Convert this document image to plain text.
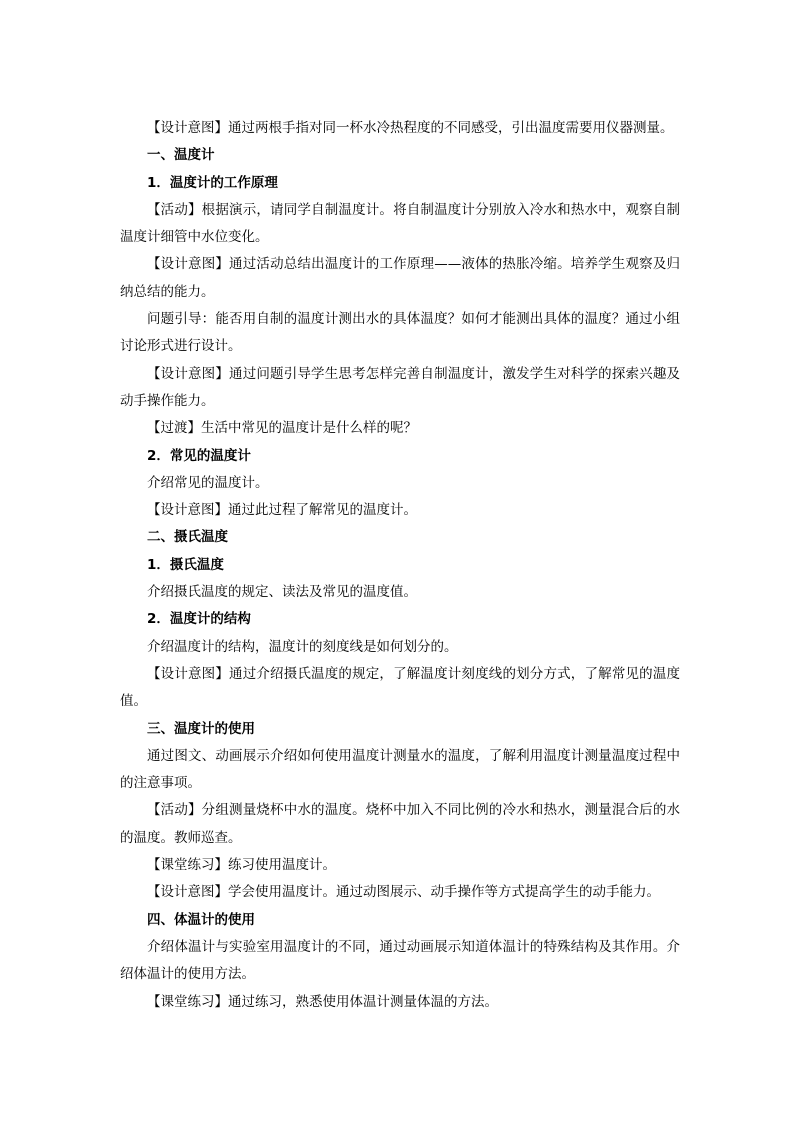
【设计意图】通过两根手指对同一杯水冷热程度的不同感受，引出温度需要用仪器测量。

一、温度计
1．温度计的工作原理

【活动】根据演示，请同学自制温度计。将自制温度计分别放入冷水和热水中，观察自制温度计细管中水位变化。

【设计意图】通过活动总结出温度计的工作原理——液体的热胀冷缩。培养学生观察及归纳总结的能力。

问题引导：能否用自制的温度计测出水的具体温度？如何才能测出具体的温度？通过小组讨论形式进行设计。

【设计意图】通过问题引导学生思考怎样完善自制温度计，激发学生对科学的探索兴趣及动手操作能力。

【过渡】生活中常见的温度计是什么样的呢？

2．常见的温度计

介绍常见的温度计。

【设计意图】通过此过程了解常见的温度计。

二、摄氏温度
1．摄氏温度

介绍摄氏温度的规定、读法及常见的温度值。

2．温度计的结构

介绍温度计的结构，温度计的刻度线是如何划分的。

【设计意图】通过介绍摄氏温度的规定，了解温度计刻度线的划分方式，了解常见的温度值。

三、温度计的使用

通过图文、动画展示介绍如何使用温度计测量水的温度，了解利用温度计测量温度过程中的注意事项。

【活动】分组测量烧杯中水的温度。烧杯中加入不同比例的冷水和热水，测量混合后的水的温度。教师巡查。

【课堂练习】练习使用温度计。

【设计意图】学会使用温度计。通过动图展示、动手操作等方式提高学生的动手能力。

四、体温计的使用

介绍体温计与实验室用温度计的不同，通过动画展示知道体温计的特殊结构及其作用。介绍体温计的使用方法。

【课堂练习】通过练习，熟悉使用体温计测量体温的方法。
